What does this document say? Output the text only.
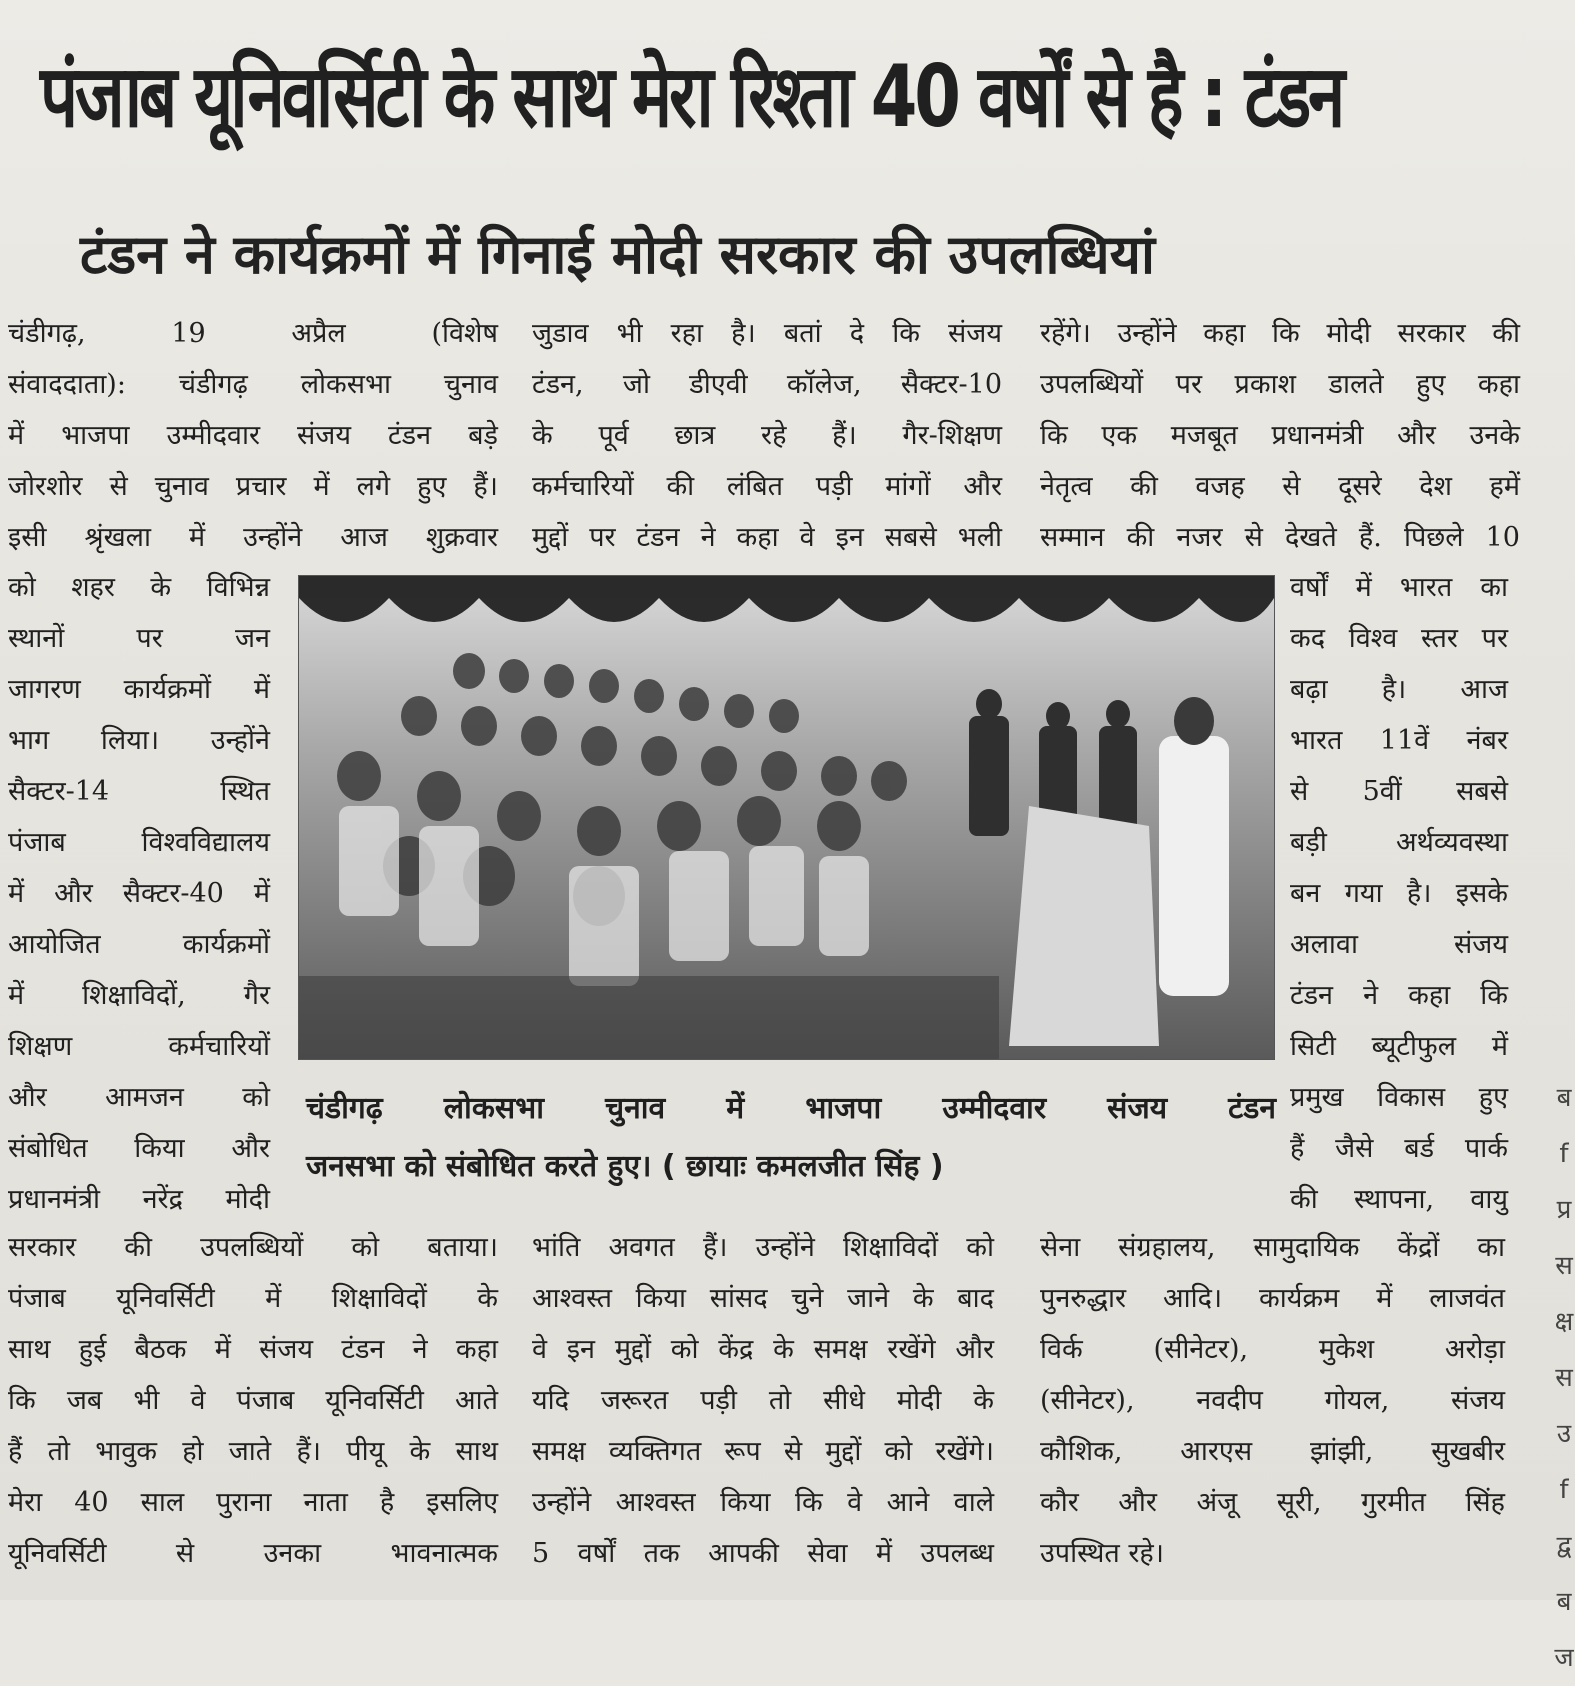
पंजाब यूनिवर्सिटी के साथ मेरा रिश्ता 40 वर्षों से है : टंडन
टंडन ने कार्यक्रमों में गिनाई मोदी सरकार की उपलब्धियां
चंडीगढ़, 19 अप्रैल (विशेष
संवाददाता): चंडीगढ़ लोकसभा चुनाव
में भाजपा उम्मीदवार संजय टंडन बड़े
जोरशोर से चुनाव प्रचार में लगे हुए हैं।
इसी श्रृंखला में उन्होंने आज शुक्रवार
को शहर के विभिन्न
स्थानों पर जन
जागरण कार्यक्रमों में
भाग लिया। उन्होंने
सैक्टर-14 स्थित
पंजाब विश्वविद्यालय
में और सैक्टर-40 में
आयोजित कार्यक्रमों
में शिक्षाविदों, गैर
शिक्षण कर्मचारियों
और आमजन को
संबोधित किया और
प्रधानमंत्री नरेंद्र मोदी
सरकार की उपलब्धियों को बताया।
पंजाब यूनिवर्सिटी में शिक्षाविदों के
साथ हुई बैठक में संजय टंडन ने कहा
कि जब भी वे पंजाब यूनिवर्सिटी आते
हैं तो भावुक हो जाते हैं। पीयू के साथ
मेरा 40 साल पुराना नाता है इसलिए
यूनिवर्सिटी से उनका भावनात्मक
जुडाव भी रहा है। बतां दे कि संजय
टंडन, जो डीएवी कॉलेज, सैक्टर-10
के पूर्व छात्र रहे हैं। गैर-शिक्षण
कर्मचारियों की लंबित पड़ी मांगों और
मुद्दों पर टंडन ने कहा वे इन सबसे भली
भांति अवगत हैं। उन्होंने शिक्षाविदों को
आश्वस्त किया सांसद चुने जाने के बाद
वे इन मुद्दों को केंद्र के समक्ष रखेंगे और
यदि जरूरत पड़ी तो सीधे मोदी के
समक्ष व्यक्तिगत रूप से मुद्दों को रखेंगे।
उन्होंने आश्वस्त किया कि वे आने वाले
5 वर्षों तक आपकी सेवा में उपलब्ध
रहेंगे। उन्होंने कहा कि मोदी सरकार की
उपलब्धियों पर प्रकाश डालते हुए कहा
कि एक मजबूत प्रधानमंत्री और उनके
नेतृत्व की वजह से दूसरे देश हमें
सम्मान की नजर से देखते हैं. पिछले 10
वर्षों में भारत का
कद विश्व स्तर पर
बढ़ा है। आज
भारत 11वें नंबर
से 5वीं सबसे
बड़ी अर्थव्यवस्था
बन गया है। इसके
अलावा संजय
टंडन ने कहा कि
सिटी ब्यूटीफुल में
प्रमुख विकास हुए
हैं जैसे बर्ड पार्क
की स्थापना, वायु
सेना संग्रहालय, सामुदायिक केंद्रों का
पुनरुद्धार आदि। कार्यक्रम में लाजवंत
विर्क (सीनेटर), मुकेश अरोड़ा
(सीनेटर), नवदीप गोयल, संजय
कौशिक, आरएस झांझी, सुखबीर
कौर और अंजू सूरी, गुरमीत सिंह
उपस्थित रहे।
चंडीगढ़ लोकसभा चुनाव में भाजपा उम्मीदवार संजय टंडन
जनसभा को संबोधित करते हुए। ( छायाः कमलजीत सिंह )
ब
f
प्र
स
क्ष
स
उ
f
द्व
ब
ज
